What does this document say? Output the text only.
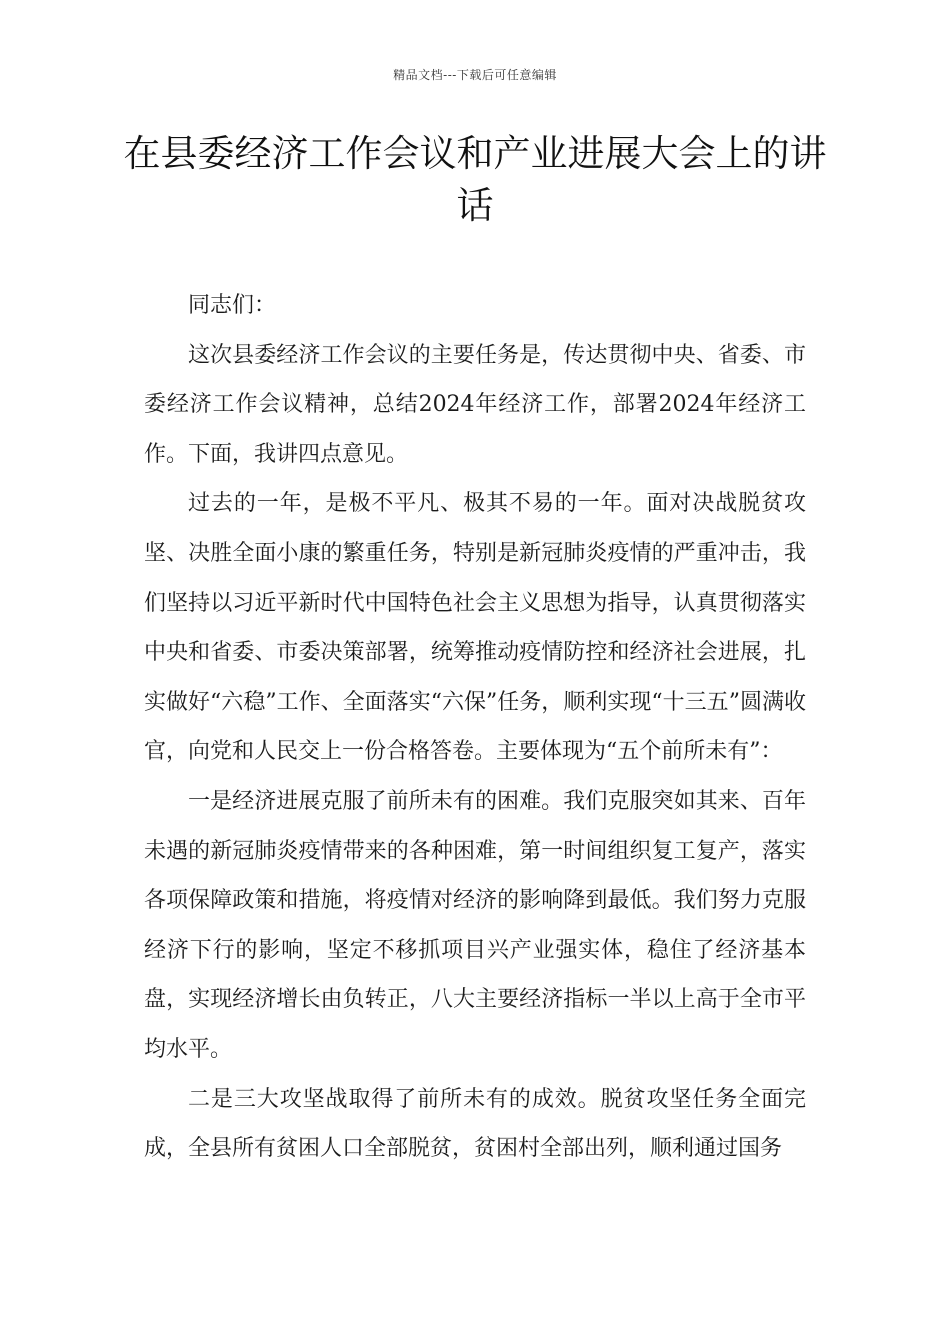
精品文档---下载后可任意编辑
在县委经济工作会议和产业进展大会上的讲话

同志们：

这次县委经济工作会议的主要任务是，传达贯彻中央、省委、市委经济工作会议精神，总结2024年经济工作，部署2024年经济工作。下面，我讲四点意见。

过去的一年，是极不平凡、极其不易的一年。面对决战脱贫攻坚、决胜全面小康的繁重任务，特别是新冠肺炎疫情的严重冲击，我们坚持以习近平新时代中国特色社会主义思想为指导，认真贯彻落实中央和省委、市委决策部署，统筹推动疫情防控和经济社会进展，扎实做好“六稳”工作、全面落实“六保”任务，顺利实现“十三五”圆满收官，向党和人民交上一份合格答卷。主要体现为“五个前所未有”：

一是经济进展克服了前所未有的困难。我们克服突如其来、百年未遇的新冠肺炎疫情带来的各种困难，第一时间组织复工复产，落实各项保障政策和措施，将疫情对经济的影响降到最低。我们努力克服经济下行的影响，坚定不移抓项目兴产业强实体，稳住了经济基本盘，实现经济增长由负转正，八大主要经济指标一半以上高于全市平均水平。

二是三大攻坚战取得了前所未有的成效。脱贫攻坚任务全面完成，全县所有贫困人口全部脱贫，贫困村全部出列，顺利通过国务
